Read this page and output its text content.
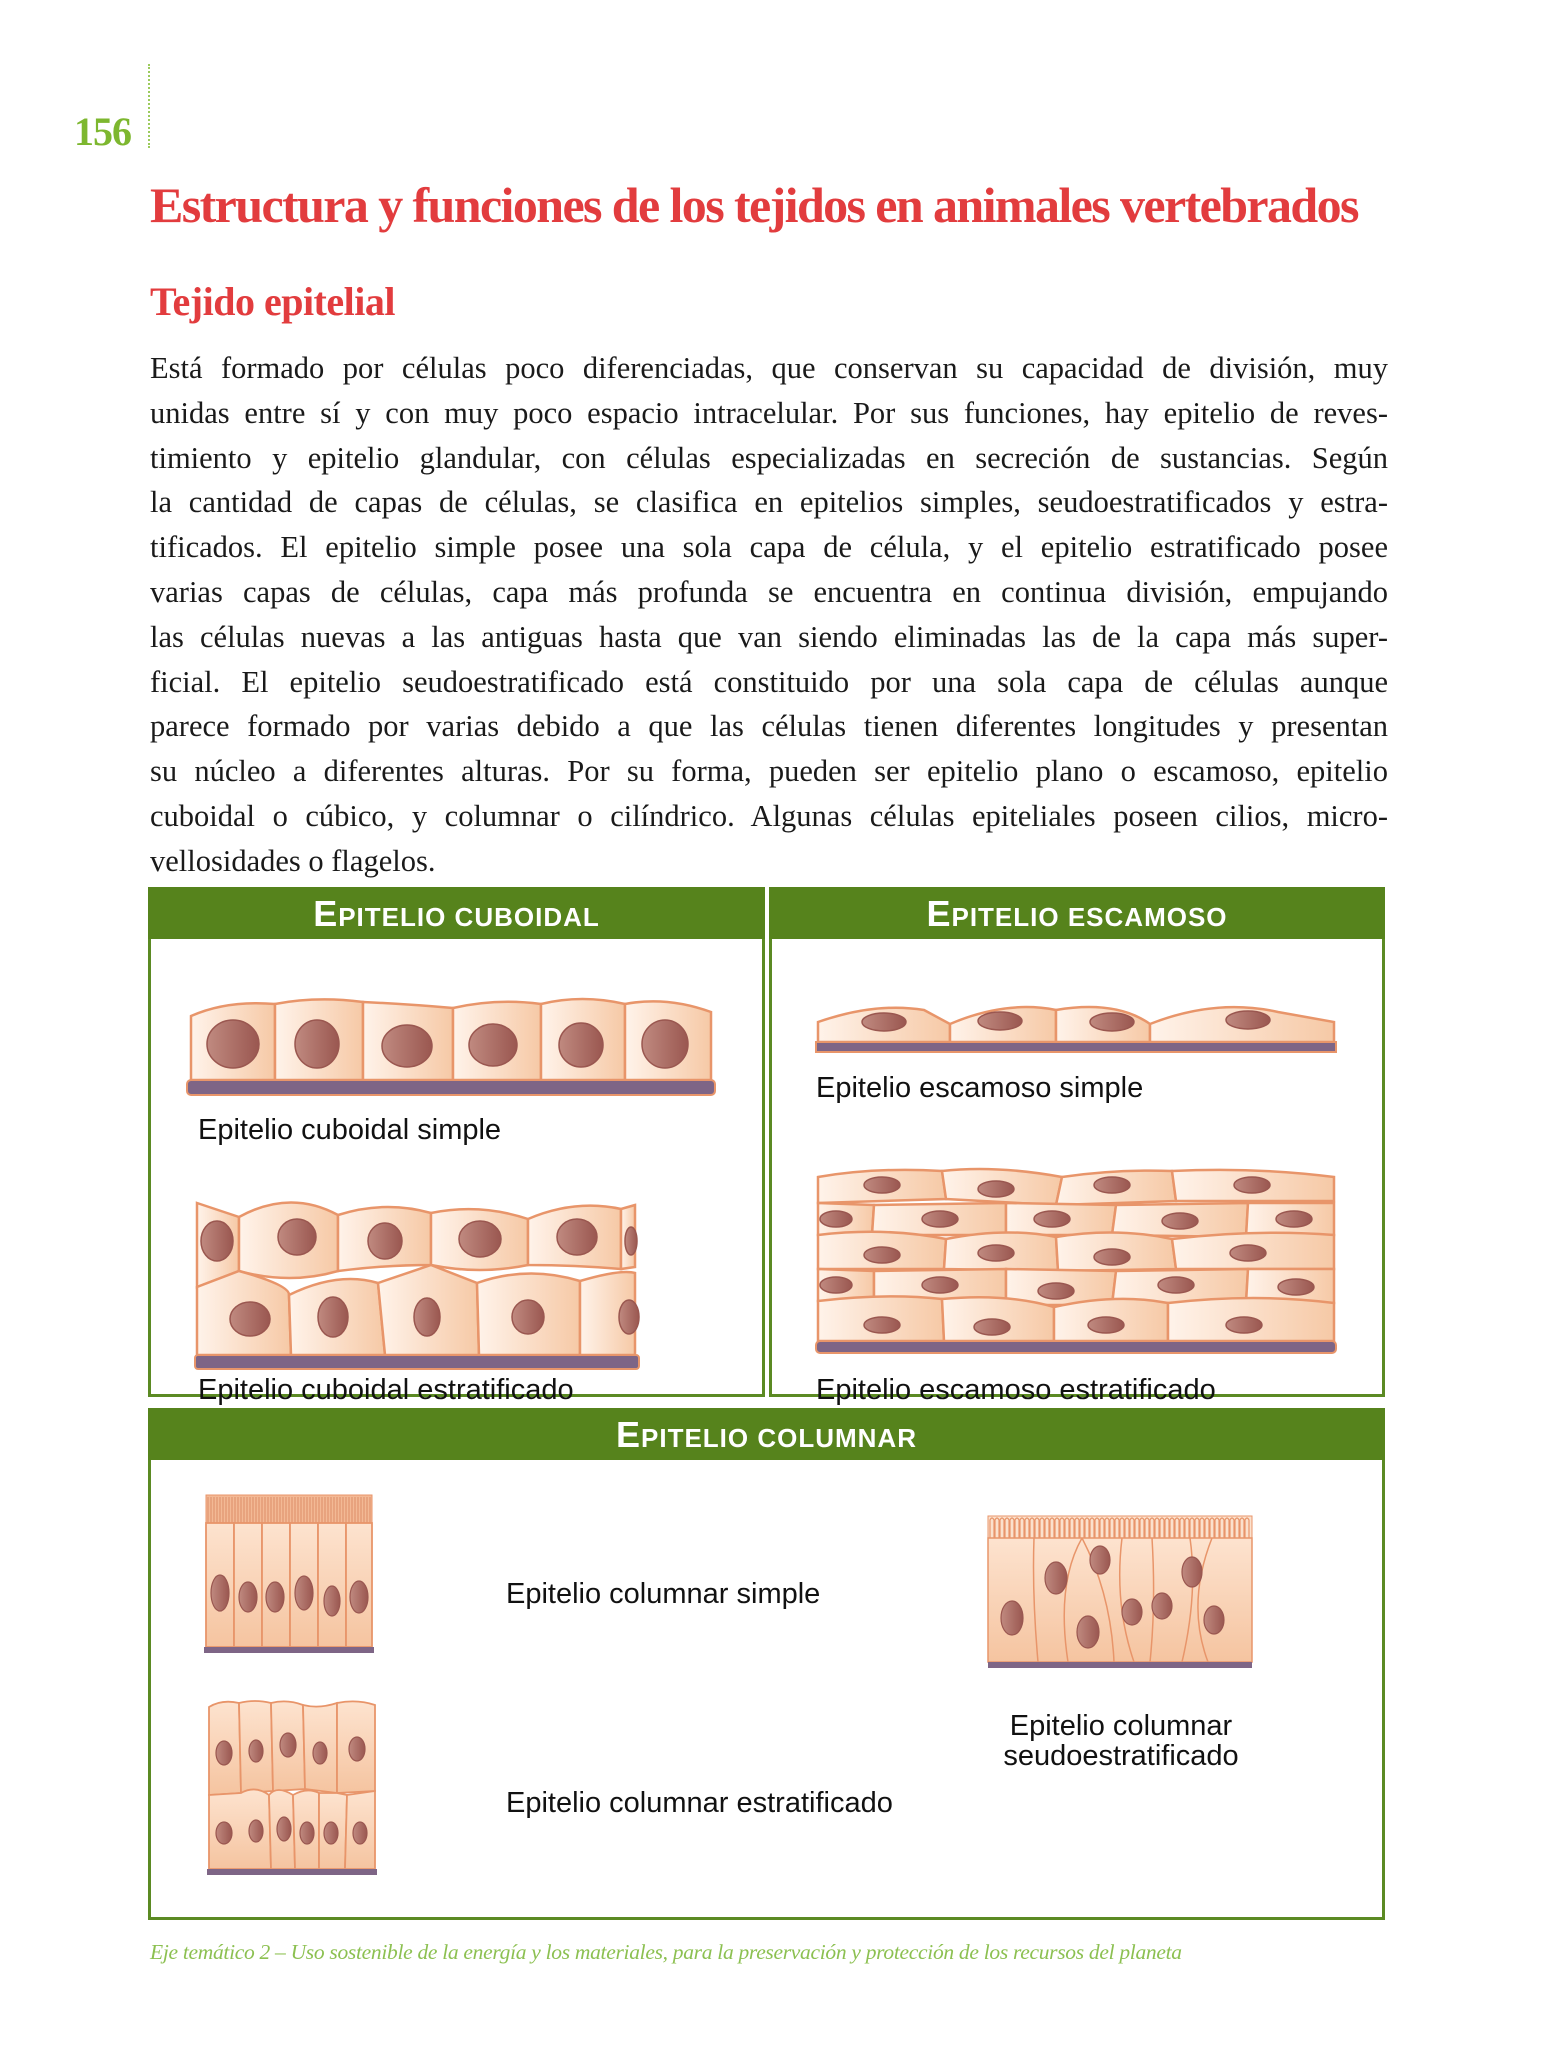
156
Estructura y funciones de los tejidos en animales vertebrados
Tejido epitelial
Está formado por células poco diferenciadas, que conservan su capacidad de división, muy
unidas entre sí y con muy poco espacio intracelular. Por sus funciones, hay epitelio de reves-
timiento y epitelio glandular, con células especializadas en secreción de sustancias. Según
la cantidad de capas de células, se clasifica en epitelios simples, seudoestratificados y estra-
tificados. El epitelio simple posee una sola capa de célula, y el epitelio estratificado posee
varias capas de células, capa más profunda se encuentra en continua división, empujando
las células nuevas a las antiguas hasta que van siendo eliminadas las de la capa más super-
ficial. El epitelio seudoestratificado está constituido por una sola capa de células aunque
parece formado por varias debido a que las células tienen diferentes longitudes y presentan
su núcleo a diferentes alturas. Por su forma, pueden ser epitelio plano o escamoso, epitelio
cuboidal o cúbico, y columnar o cilíndrico. Algunas células epiteliales poseen cilios, micro-
vellosidades o flagelos.
EPITELIO CUBOIDAL
Epitelio cuboidal simple
Epitelio cuboidal estratificado
EPITELIO ESCAMOSO
Epitelio escamoso simple
Epitelio escamoso estratificado
EPITELIO COLUMNAR
Epitelio columnar simple
Epitelio columnar estratificado
Epitelio columnar
seudoestratificado
Eje temático 2 – Uso sostenible de la energía y los materiales, para la preservación y protección de los recursos del planeta
